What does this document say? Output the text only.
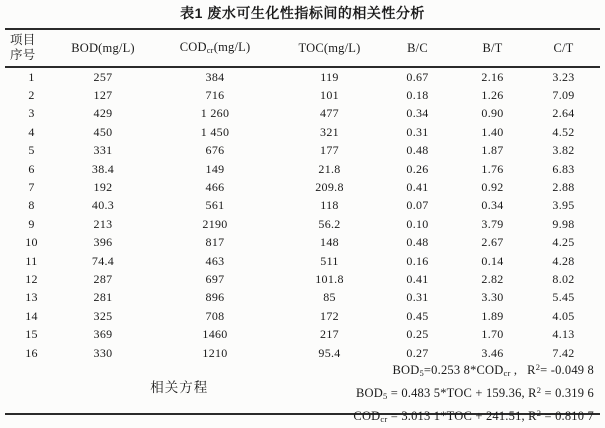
表1 废水可生化性指标间的相关性分析
项目
序号	BOD(mg/L)	$COD_{cr}(mg/L)$	TOC(mg/L)	B/C	B/T	C/T
1	257	384	119	0.67	2.16	3.23
2	127	716	101	0.18	1.26	7.09
3	429	1 260	477	0.34	0.90	2.64
4	450	1 450	321	0.31	1.40	4.52
5	331	676	177	0.48	1.87	3.82
6	38.4	149	21.8	0.26	1.76	6.83
7	192	466	209.8	0.41	0.92	2.88
8	40.3	561	118	0.07	0.34	3.95
9	213	2190	56.2	0.10	3.79	9.98
10	396	817	148	0.48	2.67	4.25
11	74.4	463	511	0.16	0.14	4.28
12	287	697	101.8	0.41	2.82	8.02
13	281	896	85	0.31	3.30	5.45
14	325	708	172	0.45	1.89	4.05
15	369	1460	217	0.25	1.70	4.13
16	330	1210	95.4	0.27	3.46	7.42
相关方程
$BOD_5=0.253$ $8*COD_{cr}$ ,   $R^2= -0.049$ 8
$BOD_5 = 0.483$ 5*TOC + 159.36, $R^2 = 0.319$ 6
$COD_{cr} = 3.013$ 1*TOC + 241.51, $R^2 = 0.810$ 7
